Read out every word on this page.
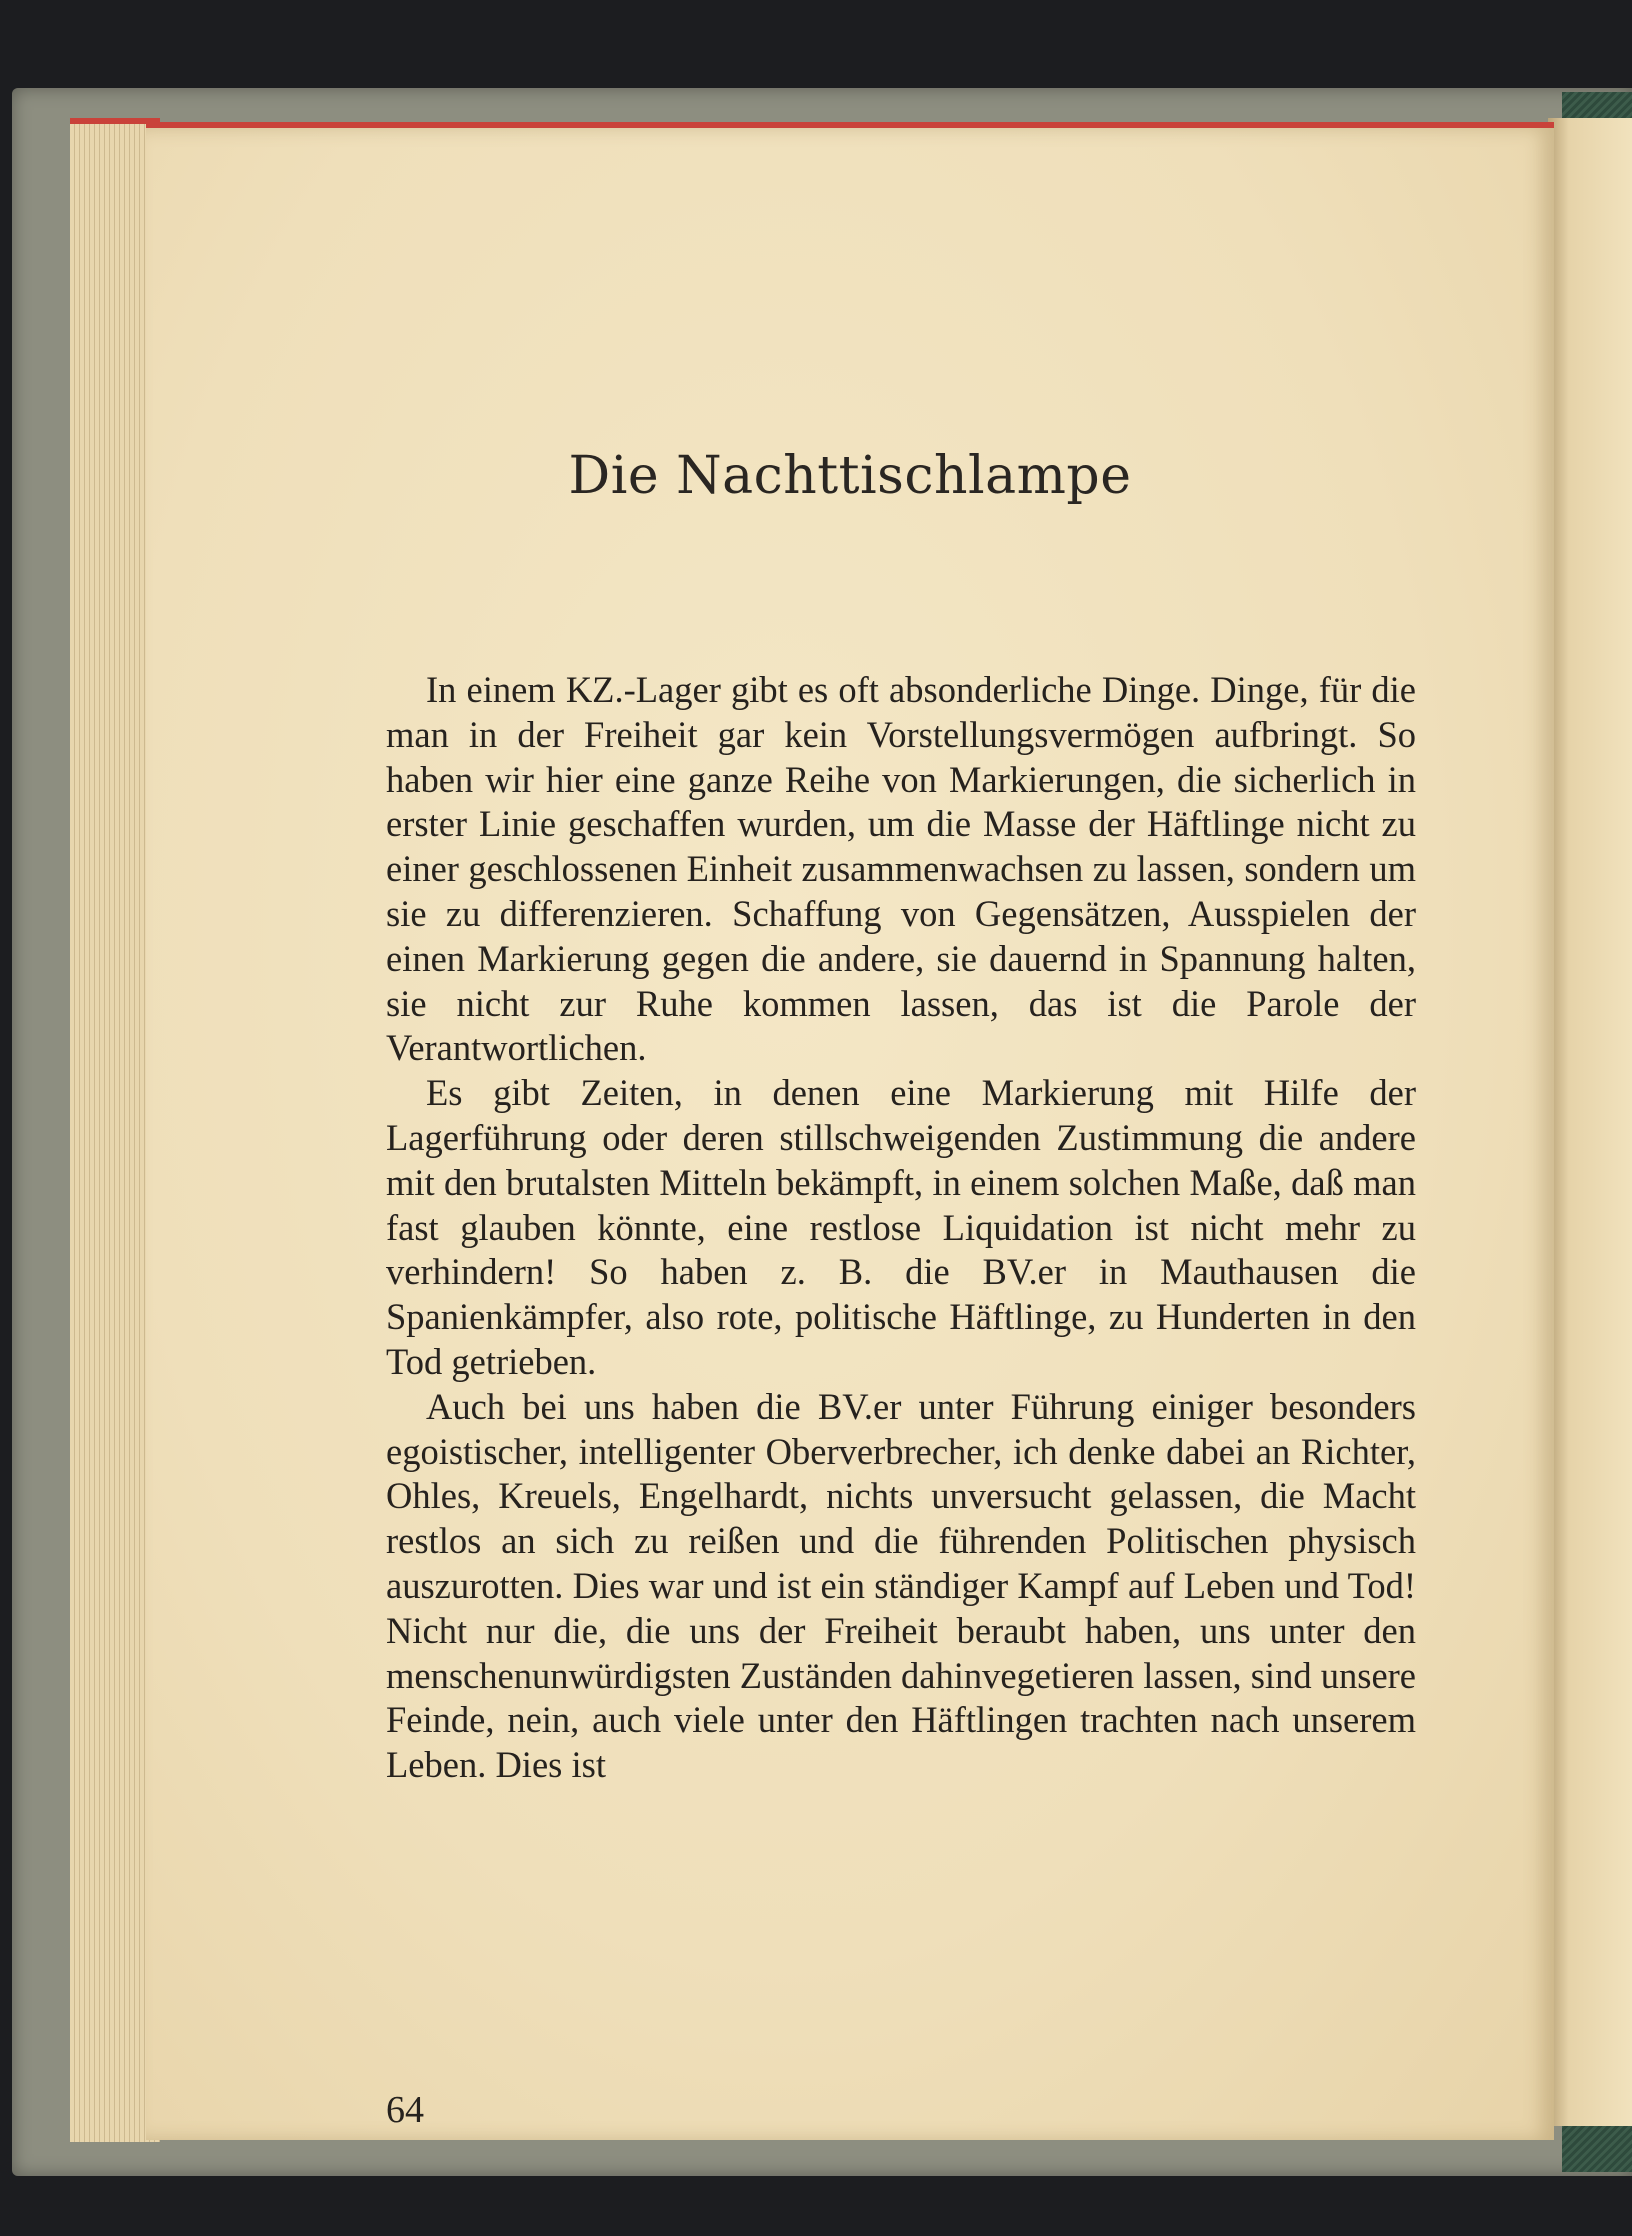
Die Nachttischlampe

In einem KZ.-Lager gibt es oft absonderliche Dinge. Dinge, für die man in der Freiheit gar kein Vorstellungsvermögen aufbringt. So haben wir hier eine ganze Reihe von Markierungen, die sicherlich in erster Linie geschaffen wurden, um die Masse der Häftlinge nicht zu einer geschlossenen Einheit zusammenwachsen zu lassen, sondern um sie zu differenzieren. Schaffung von Gegensätzen, Ausspielen der einen Markierung gegen die andere, sie dauernd in Spannung halten, sie nicht zur Ruhe kommen lassen, das ist die Parole der Verantwortlichen.

Es gibt Zeiten, in denen eine Markierung mit Hilfe der Lagerführung oder deren stillschweigenden Zustimmung die andere mit den brutalsten Mitteln bekämpft, in einem solchen Maße, daß man fast glauben könnte, eine restlose Liquidation ist nicht mehr zu verhindern! So haben z. B. die BV.er in Mauthausen die Spanienkämpfer, also rote, politische Häftlinge, zu Hunderten in den Tod getrieben.

Auch bei uns haben die BV.er unter Führung einiger besonders egoistischer, intelligenter Oberverbrecher, ich denke dabei an Richter, Ohles, Kreuels, Engelhardt, nichts unversucht gelassen, die Macht restlos an sich zu reißen und die führenden Politischen physisch auszurotten. Dies war und ist ein ständiger Kampf auf Leben und Tod! Nicht nur die, die uns der Freiheit beraubt haben, uns unter den menschenunwürdigsten Zuständen dahinvegetieren lassen, sind unsere Feinde, nein, auch viele unter den Häftlingen trachten nach unserem Leben. Dies ist

64
